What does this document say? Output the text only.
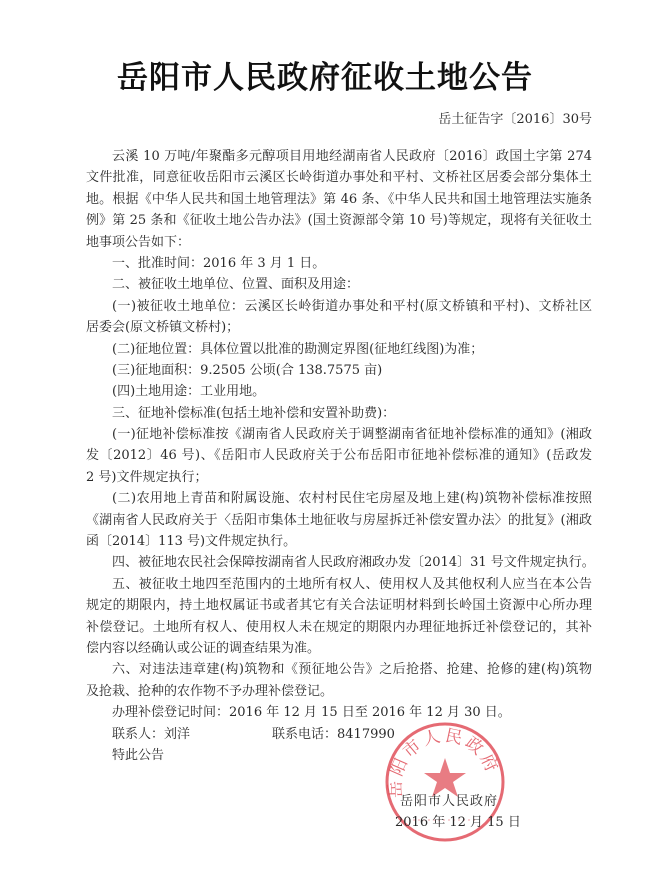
岳阳市人民政府征收土地公告
岳土征告字〔2016〕30号
云溪 10 万吨/年聚酯多元醇项目用地经湖南省人民政府〔2016〕政国土字第 274
文件批准，同意征收岳阳市云溪区长岭街道办事处和平村、文桥社区居委会部分集体土
地。根据《中华人民共和国土地管理法》第 46 条、《中华人民共和国土地管理法实施条
例》第 25 条和《征收土地公告办法》(国土资源部令第 10 号)等规定，现将有关征收土
地事项公告如下：
一、批准时间：2016 年 3 月 1 日。
二、被征收土地单位、位置、面积及用途：
(一)被征收土地单位：云溪区长岭街道办事处和平村(原文桥镇和平村)、文桥社区
居委会(原文桥镇文桥村)；
(二)征地位置：具体位置以批准的勘测定界图(征地红线图)为准；
(三)征地面积：9.2505 公顷(合 138.7575 亩)
(四)土地用途：工业用地。
三、征地补偿标准(包括土地补偿和安置补助费)：
(一)征地补偿标准按《湖南省人民政府关于调整湖南省征地补偿标准的通知》(湘政
发〔2012〕46 号)、《岳阳市人民政府关于公布岳阳市征地补偿标准的通知》(岳政发
2 号)文件规定执行；
(二)农用地上青苗和附属设施、农村村民住宅房屋及地上建(构)筑物补偿标准按照
《湖南省人民政府关于〈岳阳市集体土地征收与房屋拆迁补偿安置办法〉的批复》(湘政
函〔2014〕113 号)文件规定执行。
四、被征地农民社会保障按湖南省人民政府湘政办发〔2014〕31 号文件规定执行。
五、被征收土地四至范围内的土地所有权人、使用权人及其他权利人应当在本公告
规定的期限内，持土地权属证书或者其它有关合法证明材料到长岭国土资源中心所办理
补偿登记。土地所有权人、使用权人未在规定的期限内办理征地拆迁补偿登记的，其补
偿内容以经确认或公证的调查结果为准。
六、对违法违章建(构)筑物和《预征地公告》之后抢搭、抢建、抢修的建(构)筑物
及抢栽、抢种的农作物不予办理补偿登记。
办理补偿登记时间：2016 年 12 月 15 日至 2016 年 12 月 30 日。
联系人：刘洋	联系电话：8417990
特此公告
岳阳市人民政府
岳阳市人民政府
2016 年 12 月 15 日
